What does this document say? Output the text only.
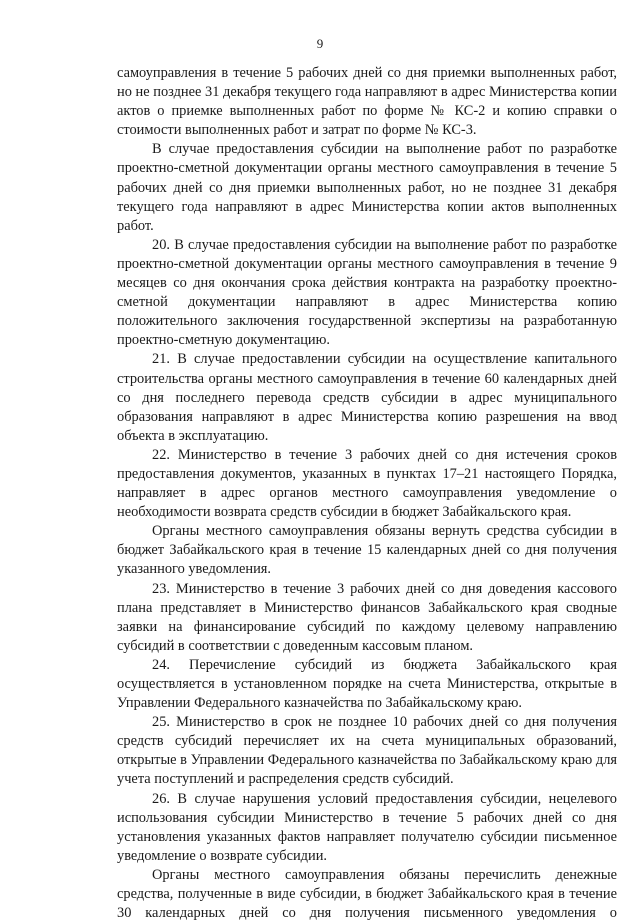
9

самоуправления в течение 5 рабочих дней со дня приемки выполненных работ, но не позднее 31 декабря текущего года направляют в адрес Министерства копии актов о приемке выполненных работ по форме № КС-2 и копию справки о стоимости выполненных работ и затрат по форме № КС-3.

В случае предоставления субсидии на выполнение работ по разработке проектно-сметной документации органы местного самоуправления в течение 5 рабочих дней со дня приемки выполненных работ, но не позднее 31 декабря текущего года направляют в адрес Министерства копии актов выполненных работ.

20. В случае предоставления субсидии на выполнение работ по разработке проектно-сметной документации органы местного самоуправления в течение 9 месяцев со дня окончания срока действия контракта на разработку проектно-сметной документации направляют в адрес Министерства копию положительного заключения государственной экспертизы на разработанную проектно-сметную документацию.

21. В случае предоставлении субсидии на осуществление капитального строительства органы местного самоуправления в течение 60 календарных дней со дня последнего перевода средств субсидии в адрес муниципального образования направляют в адрес Министерства копию разрешения на ввод объекта в эксплуатацию.

22. Министерство в течение 3 рабочих дней со дня истечения сроков предоставления документов, указанных в пунктах 17–21 настоящего Порядка, направляет в адрес органов местного самоуправления уведомление о необходимости возврата средств субсидии в бюджет Забайкальского края.

Органы местного самоуправления обязаны вернуть средства субсидии в бюджет Забайкальского края в течение 15 календарных дней со дня получения указанного уведомления.

23. Министерство в течение 3 рабочих дней со дня доведения кассового плана представляет в Министерство финансов Забайкальского края сводные заявки на финансирование субсидий по каждому целевому направлению субсидий в соответствии с доведенным кассовым планом.

24. Перечисление субсидий из бюджета Забайкальского края осуществляется в установленном порядке на счета Министерства, открытые в Управлении Федерального казначейства по Забайкальскому краю.

25. Министерство в срок не позднее 10 рабочих дней со дня получения средств субсидий перечисляет их на счета муниципальных образований, открытые в Управлении Федерального казначейства по Забайкальскому краю для учета поступлений и распределения средств субсидий.

26. В случае нарушения условий предоставления субсидии, нецелевого использования субсидии Министерство в течение 5 рабочих дней со дня установления указанных фактов направляет получателю субсидии письменное уведомление о возврате субсидии.

Органы местного самоуправления обязаны перечислить денежные средства, полученные в виде субсидии, в бюджет Забайкальского края в течение 30 календарных дней со дня получения письменного уведомления о
